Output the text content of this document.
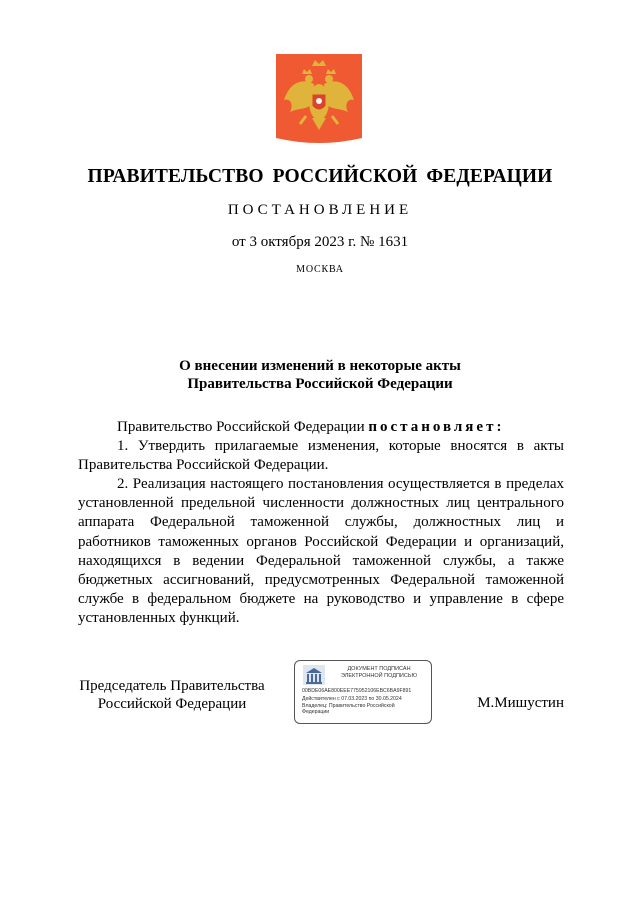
ПРАВИТЕЛЬСТВО РОССИЙСКОЙ ФЕДЕРАЦИИ
ПОСТАНОВЛЕНИЕ
от 3 октября 2023 г. № 1631
МОСКВА
О внесении изменений в некоторые акты
Правительства Российской Федерации

Правительство Российской Федерации постановляет:

1. Утвердить прилагаемые изменения, которые вносятся в акты Правительства Российской Федерации.

2. Реализация настоящего постановления осуществляется в пределах установленной предельной численности должностных лиц центрального аппарата Федеральной таможенной службы, должностных лиц и работников таможенных органов Российской Федерации и организаций, находящихся в ведении Федеральной таможенной службы, а также бюджетных ассигнований, предусмотренных Федеральной таможенной службе в федеральном бюджете на руководство и управление в сфере установленных функций.

Председатель Правительства
Российской Федерации
ДОКУМЕНТ ПОДПИСАН
ЭЛЕКТРОННОЙ ПОДПИСЬЮ
00BDE06AE800EEE775952106EBC6BA9F891
Действителен с 07.03.2023 по 30.05.2024
Владелец: Правительство Российской
Федерации
М.Мишустин
